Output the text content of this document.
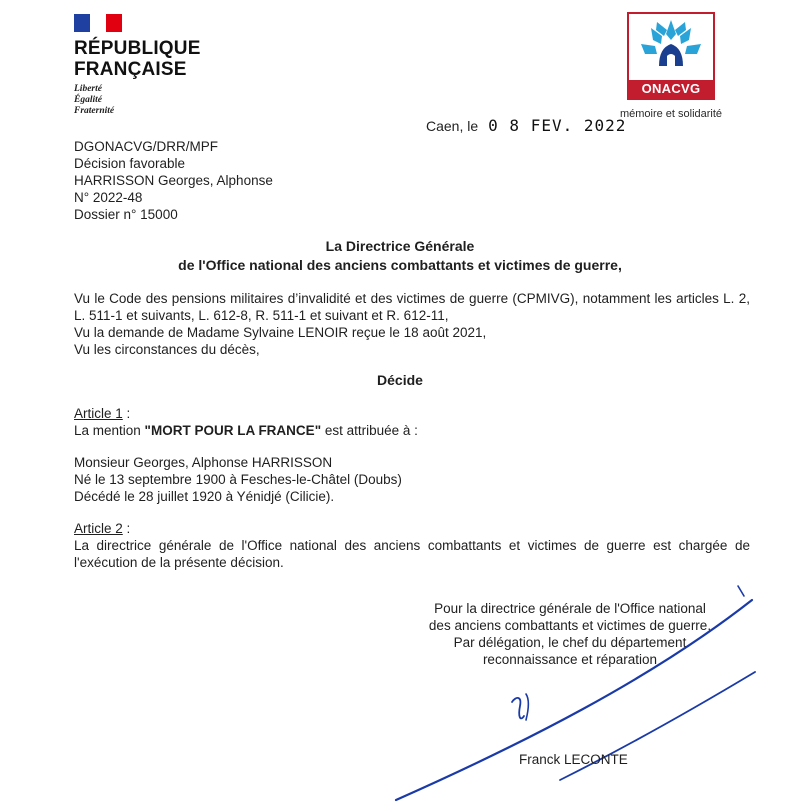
RÉPUBLIQUE
FRANÇAISE
Liberté
Égalité
Fraternité
ONACVG
mémoire et solidarité
Caen, le 0 8 FEV. 2022
DGONACVG/DRR/MPF
Décision favorable
HARRISSON Georges, Alphonse
N° 2022-48
Dossier n° 15000
La Directrice Générale
de l'Office national des anciens combattants et victimes de guerre,
Vu le Code des pensions militaires d’invalidité et des victimes de guerre (CPMIVG), notamment les articles L. 2, L. 511-1 et suivants, L. 612-8, R. 511-1 et suivant et R. 612-11,
Vu la demande de Madame Sylvaine LENOIR reçue le 18 août 2021,
Vu les circonstances du décès,
Décide
Article 1 :
La mention "MORT POUR LA FRANCE" est attribuée à :
Monsieur Georges, Alphonse HARRISSON
Né le 13 septembre 1900 à Fesches-le-Châtel (Doubs)
Décédé le 28 juillet 1920 à Yénidjé (Cilicie).
Article 2 :
La directrice générale de l'Office national des anciens combattants et victimes de guerre est chargée de l'exécution de la présente décision.
Pour la directrice générale de l'Office national
des anciens combattants et victimes de guerre,
Par délégation, le chef du département
reconnaissance et réparation
Franck LECONTE
